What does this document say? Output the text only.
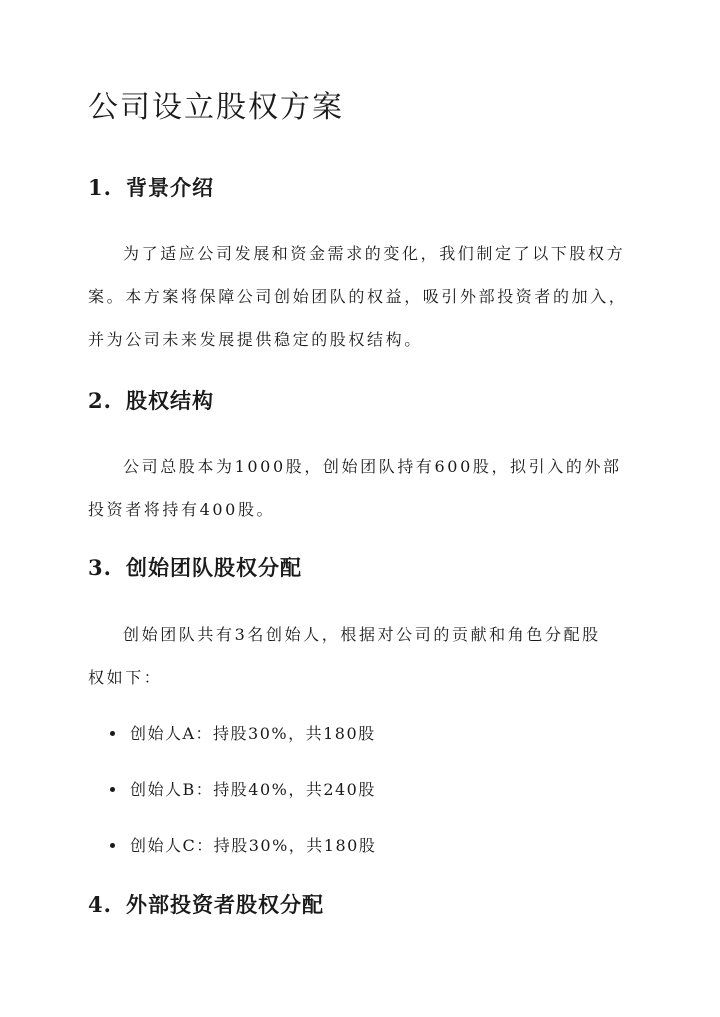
公司设立股权方案
1. 背景介绍

为了适应公司发展和资金需求的变化，我们制定了以下股权方案。本方案将保障公司创始团队的权益，吸引外部投资者的加入，并为公司未来发展提供稳定的股权结构。

2. 股权结构

公司总股本为1000股，创始团队持有600股，拟引入的外部投资者将持有400股。

3. 创始团队股权分配

创始团队共有3名创始人，根据对公司的贡献和角色分配股权如下：

创始人A：持股30%，共180股
创始人B：持股40%，共240股
创始人C：持股30%，共180股
4. 外部投资者股权分配
